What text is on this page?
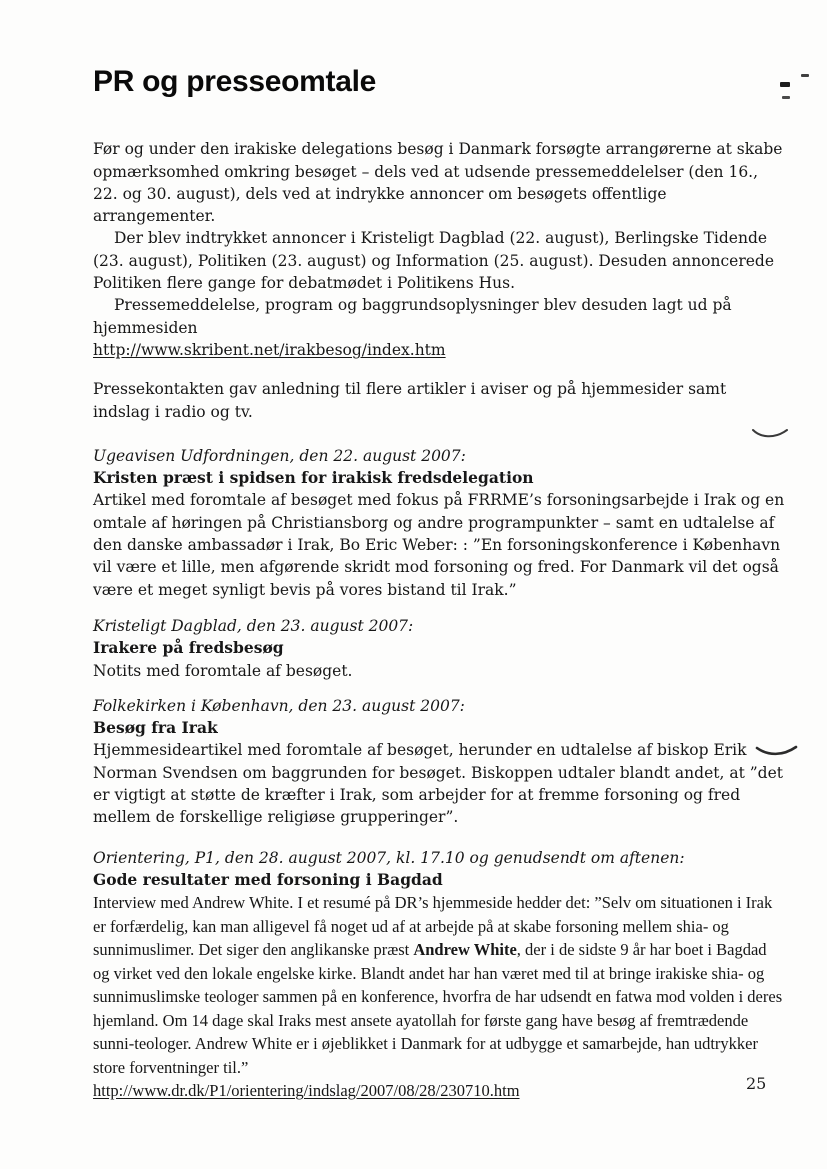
PR og presseomtale

Før og under den irakiske delegations besøg i Danmark forsøgte arrangørerne at skabe opmærksomhed omkring besøget – dels ved at udsende pressemeddelelser (den 16., 22. og 30. august), dels ved at indrykke annoncer om besøgets offentlige arrangementer.

Der blev indtrykket annoncer i Kristeligt Dagblad (22. august), Berlingske Tidende (23. august), Politiken (23. august) og Information (25. august). Desuden annoncerede Politiken flere gange for debatmødet i Politikens Hus.

Pressemeddelelse, program og baggrundsoplysninger blev desuden lagt ud på hjemmesiden

http://www.skribent.net/irakbesog/index.htm

Pressekontakten gav anledning til flere artikler i aviser og på hjemmesider samt indslag i radio og tv.

Ugeavisen Udfordningen, den 22. august 2007:

Kristen præst i spidsen for irakisk fredsdelegation

Artikel med foromtale af besøget med fokus på FRRME’s forsoningsarbejde i Irak og en omtale af høringen på Christiansborg og andre programpunkter – samt en udtalelse af den danske ambassadør i Irak, Bo Eric Weber: : ”En forsoningskonference i København vil være et lille, men afgørende skridt mod forsoning og fred. For Danmark vil det også være et meget synligt bevis på vores bistand til Irak.”

Kristeligt Dagblad, den 23. august 2007:

Irakere på fredsbesøg

Notits med foromtale af besøget.

Folkekirken i København, den 23. august 2007:

Besøg fra Irak

Hjemmesideartikel med foromtale af besøget, herunder en udtalelse af biskop Erik Norman Svendsen om baggrunden for besøget. Biskoppen udtaler blandt andet, at ”det er vigtigt at støtte de kræfter i Irak, som arbejder for at fremme forsoning og fred mellem de forskellige religiøse grupperinger”.

Orientering, P1, den 28. august 2007, kl. 17.10 og genudsendt om aftenen:

Gode resultater med forsoning i Bagdad

Interview med Andrew White. I et resumé på DR’s hjemmeside hedder det: ”Selv om situationen i Irak er forfærdelig, kan man alligevel få noget ud af at arbejde på at skabe forsoning mellem shia- og sunnimuslimer. Det siger den anglikanske præst Andrew White, der i de sidste 9 år har boet i Bagdad og virket ved den lokale engelske kirke. Blandt andet har han været med til at bringe irakiske shia- og sunnimuslimske teologer sammen på en konference, hvorfra de har udsendt en fatwa mod volden i deres hjemland. Om 14 dage skal Iraks mest ansete ayatollah for første gang have besøg af fremtrædende sunni-teologer. Andrew White er i øjeblikket i Danmark for at udbygge et samarbejde, han udtrykker store forventninger til.”

http://www.dr.dk/P1/orientering/indslag/2007/08/28/230710.htm	25
